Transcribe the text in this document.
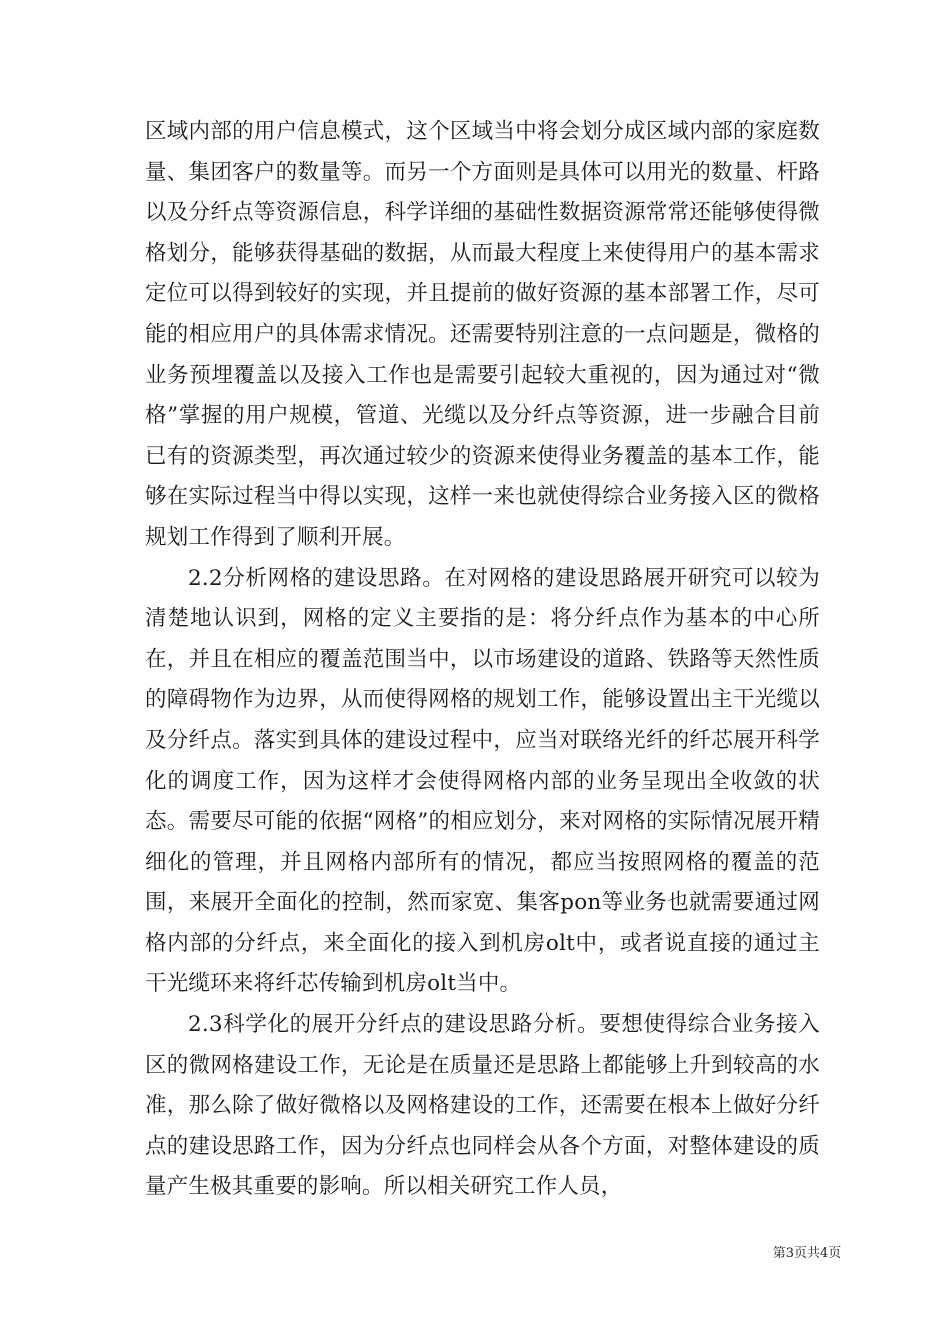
区域内部的用户信息模式，这个区域当中将会划分成区域内部的家庭数量、集团客户的数量等。而另一个方面则是具体可以用光的数量、杆路以及分纤点等资源信息，科学详细的基础性数据资源常常还能够使得微格划分，能够获得基础的数据，从而最大程度上来使得用户的基本需求定位可以得到较好的实现，并且提前的做好资源的基本部署工作，尽可能的相应用户的具体需求情况。还需要特别注意的一点问题是，微格的业务预埋覆盖以及接入工作也是需要引起较大重视的，因为通过对“微格”掌握的用户规模，管道、光缆以及分纤点等资源，进一步融合目前已有的资源类型，再次通过较少的资源来使得业务覆盖的基本工作，能够在实际过程当中得以实现，这样一来也就使得综合业务接入区的微格规划工作得到了顺利开展。

2.2分析网格的建设思路。在对网格的建设思路展开研究可以较为清楚地认识到，网格的定义主要指的是：将分纤点作为基本的中心所在，并且在相应的覆盖范围当中，以市场建设的道路、铁路等天然性质的障碍物作为边界，从而使得网格的规划工作，能够设置出主干光缆以及分纤点。落实到具体的建设过程中，应当对联络光纤的纤芯展开科学化的调度工作，因为这样才会使得网格内部的业务呈现出全收敛的状态。需要尽可能的依据“网格”的相应划分，来对网格的实际情况展开精细化的管理，并且网格内部所有的情况，都应当按照网格的覆盖的范围，来展开全面化的控制，然而家宽、集客pon等业务也就需要通过网格内部的分纤点，来全面化的接入到机房olt中，或者说直接的通过主干光缆环来将纤芯传输到机房olt当中。

2.3科学化的展开分纤点的建设思路分析。要想使得综合业务接入区的微网格建设工作，无论是在质量还是思路上都能够上升到较高的水准，那么除了做好微格以及网格建设的工作，还需要在根本上做好分纤点的建设思路工作，因为分纤点也同样会从各个方面，对整体建设的质量产生极其重要的影响。所以相关研究工作人员，

第3页共4页
